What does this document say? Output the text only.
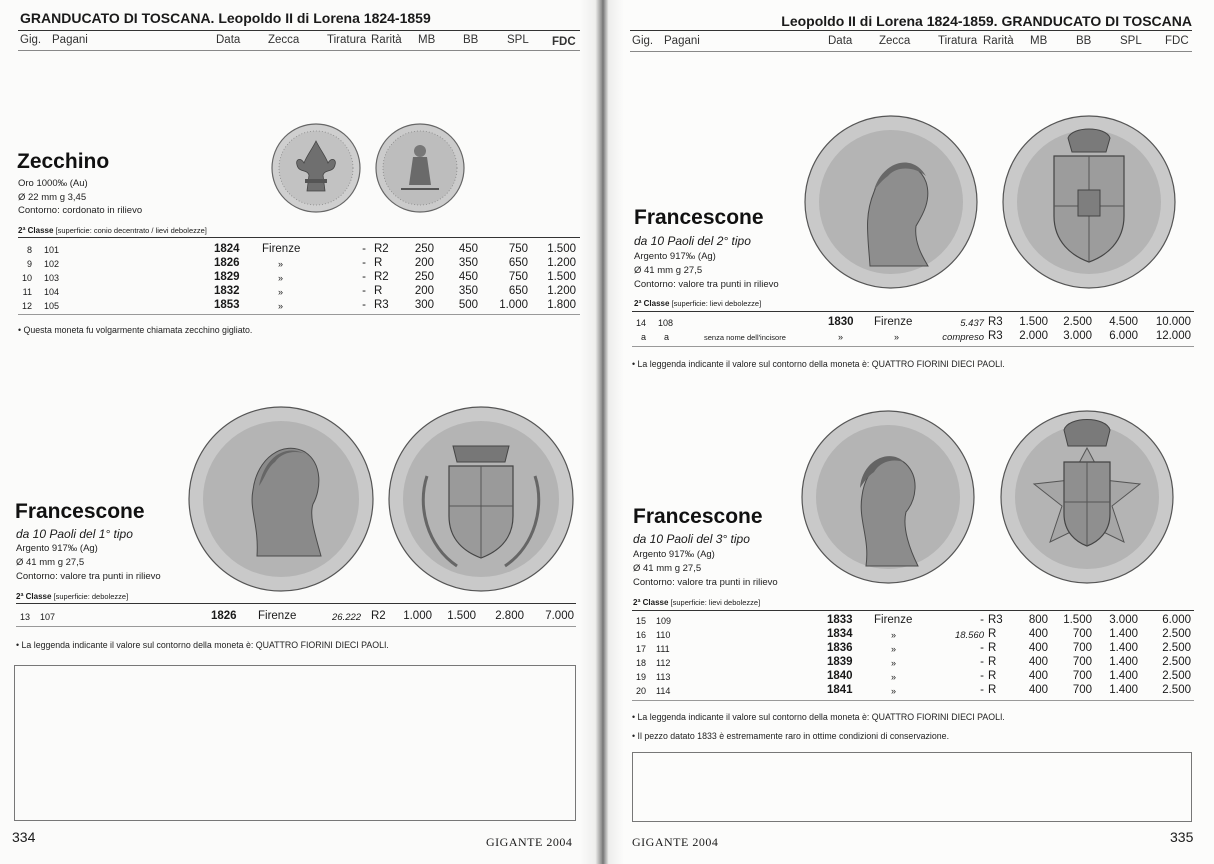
GRANDUCATO DI TOSCANA. Leopoldo II di Lorena 1824-1859
Gig. Pagani	Data Zecca Tiratura Rarità MB BB SPL FDC
Zecchino
Oro 1000‰ (Au)
Ø 22 mm g 3,45
Contorno: cordonato in rilievo
2ª Classe [superficie: conio decentrato / lievi debolezze]
8 101	1824 Firenze	- R2	250	450	750	1.500
9 102	1826	»	- R	200	350	650	1.200
10 103	1829	»	- R2	250	450	750	1.500
11 104	1832	»	- R	200	350	650	1.200
12 105	1853	»	- R3	300	500	1.000	1.800
• Questa moneta fu volgarmente chiamata zecchino gigliato.
Francescone
da 10 Paoli del 1° tipo
Argento 917‰ (Ag)
Ø 41 mm g 27,5
Contorno: valore tra punti in rilievo
2ª Classe [superficie: debolezze]
13 107	1826 Firenze	26.222 R2	1.000	1.500	2.800	7.000
• La leggenda indicante il valore sul contorno della moneta è: QUATTRO FIORINI DIECI PAOLI.
334	GIGANTE 2004
Leopoldo II di Lorena 1824-1859. GRANDUCATO DI TOSCANA
Gig. Pagani	Data Zecca Tiratura Rarità MB	BB SPL FDC
Francescone
da 10 Paoli del 2° tipo
Argento 917‰ (Ag)
Ø 41 mm g 27,5
Contorno: valore tra punti in rilievo
2ª Classe [superficie: lievi debolezze]
14 108	1830 Firenze	5.437 R3	1.500	2.500	4.500	10.000
a a	senza nome dell'incisore	»	»	compreso R3	2.000	3.000	6.000	12.000
• La leggenda indicante il valore sul contorno della moneta è: QUATTRO FIORINI DIECI PAOLI.
Francescone
da 10 Paoli del 3° tipo
Argento 917‰ (Ag)
Ø 41 mm g 27,5
Contorno: valore tra punti in rilievo
2ª Classe [superficie: lievi debolezze]
15 109	1833 Firenze	- R3	800	1.500	3.000	6.000
16 110	1834	»	18.560 R	400	700	1.400	2.500
17 111	1836	»	- R	400	700	1.400	2.500
18 112	1839	»	- R	400	700	1.400	2.500
19 113	1840	»	- R	400	700	1.400	2.500
20 114	1841	»	- R	400	700	1.400	2.500
• La leggenda indicante il valore sul contorno della moneta è: QUATTRO FIORINI DIECI PAOLI.
• Il pezzo datato 1833 è estremamente raro in ottime condizioni di conservazione.
GIGANTE 2004	335
